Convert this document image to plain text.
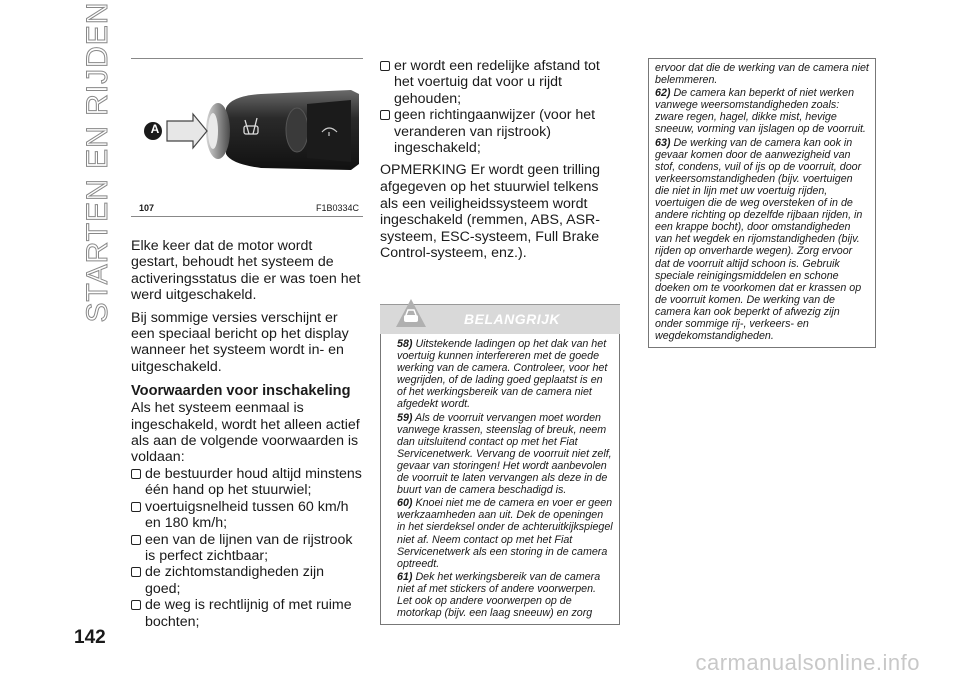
STARTEN EN RIJDEN
142
carmanualsonline.info
A
107	F1B0334C

Elke keer dat de motor wordt gestart, behoudt het systeem de activeringsstatus die er was toen het werd uitgeschakeld.

Bij sommige versies verschijnt er een speciaal bericht op het display wanneer het systeem wordt in- en uitgeschakeld.

Voorwaarden voor inschakeling

Als het systeem eenmaal is ingeschakeld, wordt het alleen actief als aan de volgende voorwaarden is voldaan:

de bestuurder houd altijd minstens één hand op het stuurwiel;
voertuigsnelheid tussen 60 km/h en 180 km/h;
een van de lijnen van de rijstrook is perfect zichtbaar;
de zichtomstandigheden zijn goed;
de weg is rechtlijnig of met ruime bochten;
er wordt een redelijke afstand tot het voertuig dat voor u rijdt gehouden;
geen richtingaanwijzer (voor het veranderen van rijstrook) ingeschakeld;

OPMERKING Er wordt geen trilling afgegeven op het stuurwiel telkens als een veiligheidssysteem wordt ingeschakeld (remmen, ABS, ASR-systeem, ESC-systeem, Full Brake Control-systeem, enz.).

BELANGRIJK
58) Uitstekende ladingen op het dak van het voertuig kunnen interfereren met de goede werking van de camera. Controleer, voor het wegrijden, of de lading goed geplaatst is en of het werkingsbereik van de camera niet afgedekt wordt.
59) Als de voorruit vervangen moet worden vanwege krassen, steenslag of breuk, neem dan uitsluitend contact op met het Fiat Servicenetwerk. Vervang de voorruit niet zelf, gevaar van storingen! Het wordt aanbevolen de voorruit te laten vervangen als deze in de buurt van de camera beschadigd is.
60) Knoei niet me de camera en voer er geen werkzaamheden aan uit. Dek de openingen in het sierdeksel onder de achteruitkijkspiegel niet af. Neem contact op met het Fiat Servicenetwerk als een storing in de camera optreedt.
61) Dek het werkingsbereik van de camera niet af met stickers of andere voorwerpen. Let ook op andere voorwerpen op de motorkap (bijv. een laag sneeuw) en zorg
ervoor dat die de werking van de camera niet belemmeren.
62) De camera kan beperkt of niet werken vanwege weersomstandigheden zoals: zware regen, hagel, dikke mist, hevige sneeuw, vorming van ijslagen op de voorruit.
63) De werking van de camera kan ook in gevaar komen door de aanwezigheid van stof, condens, vuil of ijs op de voorruit, door verkeersomstandigheden (bijv. voertuigen die niet in lijn met uw voertuig rijden, voertuigen die de weg oversteken of in de andere richting op dezelfde rijbaan rijden, in een krappe bocht), door omstandigheden van het wegdek en rijomstandigheden (bijv. rijden op onverharde wegen). Zorg ervoor dat de voorruit altijd schoon is. Gebruik speciale reinigingsmiddelen en schone doeken om te voorkomen dat er krassen op de voorruit komen. De werking van de camera kan ook beperkt of afwezig zijn onder sommige rij-, verkeers- en wegdekomstandigheden.
